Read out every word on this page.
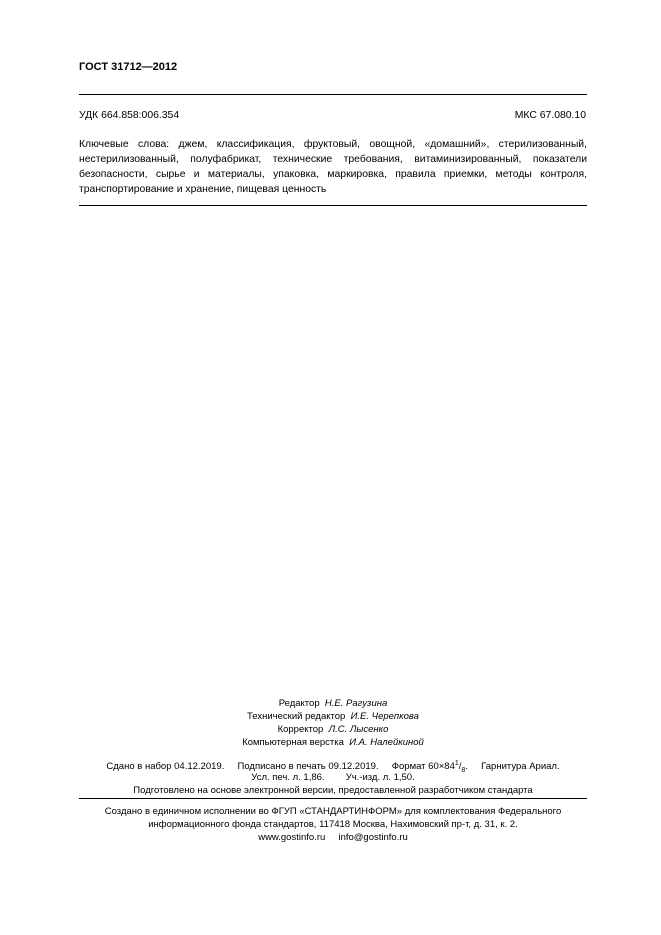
ГОСТ 31712—2012
УДК 664.858:006.354	МКС 67.080.10
Ключевые слова: джем, классификация, фруктовый, овощной, «домашний», стерилизованный, нестерилизованный, полуфабрикат, технические требования, витаминизированный, показатели безопасности, сырье и материалы, упаковка, маркировка, правила приемки, методы контроля, транспортирование и хранение, пищевая ценность
Редактор Н.Е. Рагузина
Технический редактор И.Е. Черепкова
Корректор Л.С. Лысенко
Компьютерная верстка И.А. Налейкиной
Сдано в набор 04.12.2019. Подписано в печать 09.12.2019. Формат $60\times 84^1/_8$. Гарнитура Ариал.
Усл. печ. л. 1,86. Уч.-изд. л. 1,50.
Подготовлено на основе электронной версии, предоставленной разработчиком стандарта
Создано в единичном исполнении во ФГУП «СТАНДАРТИНФОРМ» для комплектования Федерального
информационного фонда стандартов, 117418 Москва, Нахимовский пр-т, д. 31, к. 2.
www.gostinfo.ru info@gostinfo.ru
